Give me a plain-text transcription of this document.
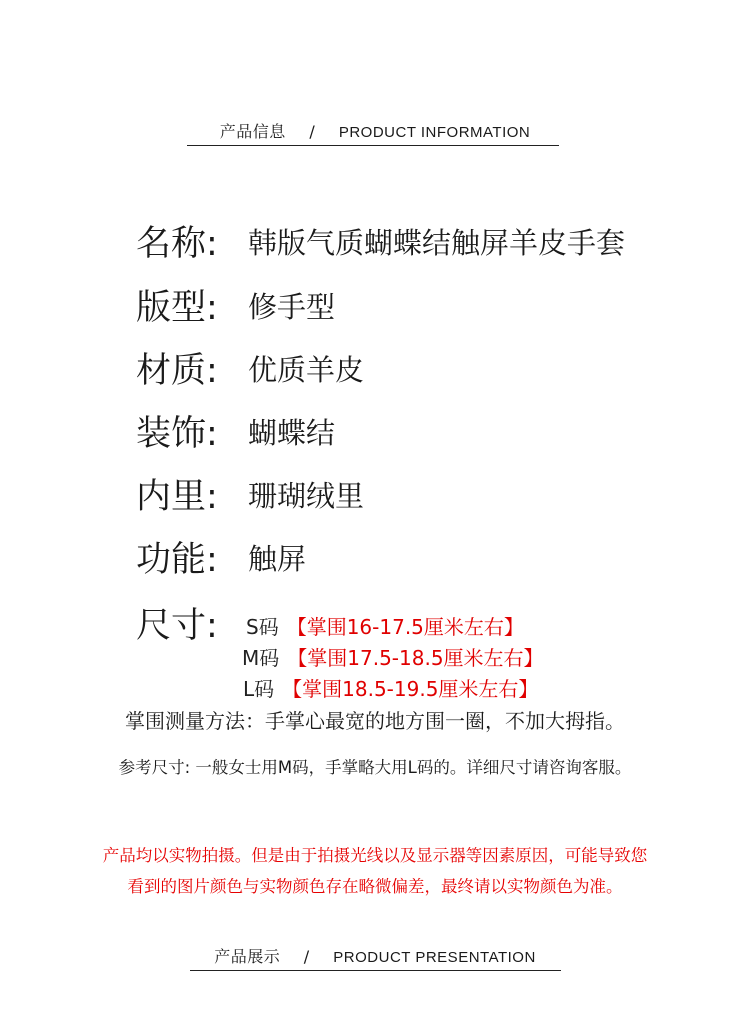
产品信息 / PRODUCT INFORMATION
名称: 韩版气质蝴蝶结触屏羊皮手套
版型: 修手型
材质: 优质羊皮
装饰: 蝴蝶结
内里: 珊瑚绒里
功能: 触屏
尺寸:	S码 【掌围16-17.5厘米左右】
M码 【掌围17.5-18.5厘米左右】
L码 【掌围18.5-19.5厘米左右】
掌围测量方法：手掌心最宽的地方围一圈，不加大拇指。
参考尺寸: 一般女士用M码，手掌略大用L码的。详细尺寸请咨询客服。
产品均以实物拍摄。但是由于拍摄光线以及显示器等因素原因，可能导致您
看到的图片颜色与实物颜色存在略微偏差，最终请以实物颜色为准。
产品展示 / PRODUCT PRESENTATION
